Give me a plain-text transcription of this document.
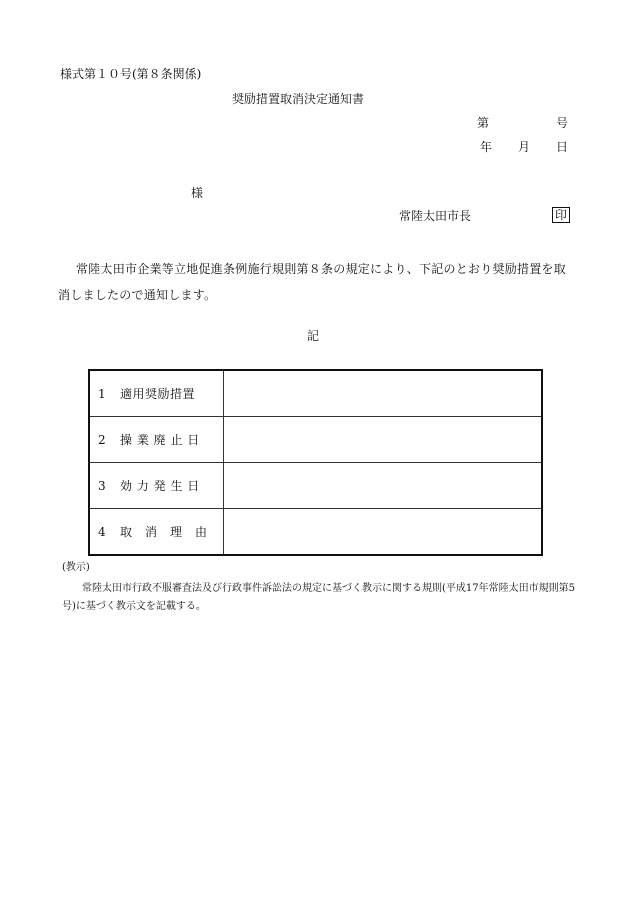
様式第１０号(第８条関係)
奨励措置取消決定通知書
第	号
年 月 日
様
常陸太田市長	印
常陸太田市企業等立地促進条例施行規則第８条の規定により、下記のとおり奨励措置を取消しましたので通知します。
記
1 適用奨励措置	
2 操 業 廃 止 日	
3 効 力 発 生 日	
4 取　消　理　由	
(教示)
常陸太田市行政不服審査法及び行政事件訴訟法の規定に基づく教示に関する規則(平成17年常陸太田市規則第5号)に基づく教示文を記載する。
